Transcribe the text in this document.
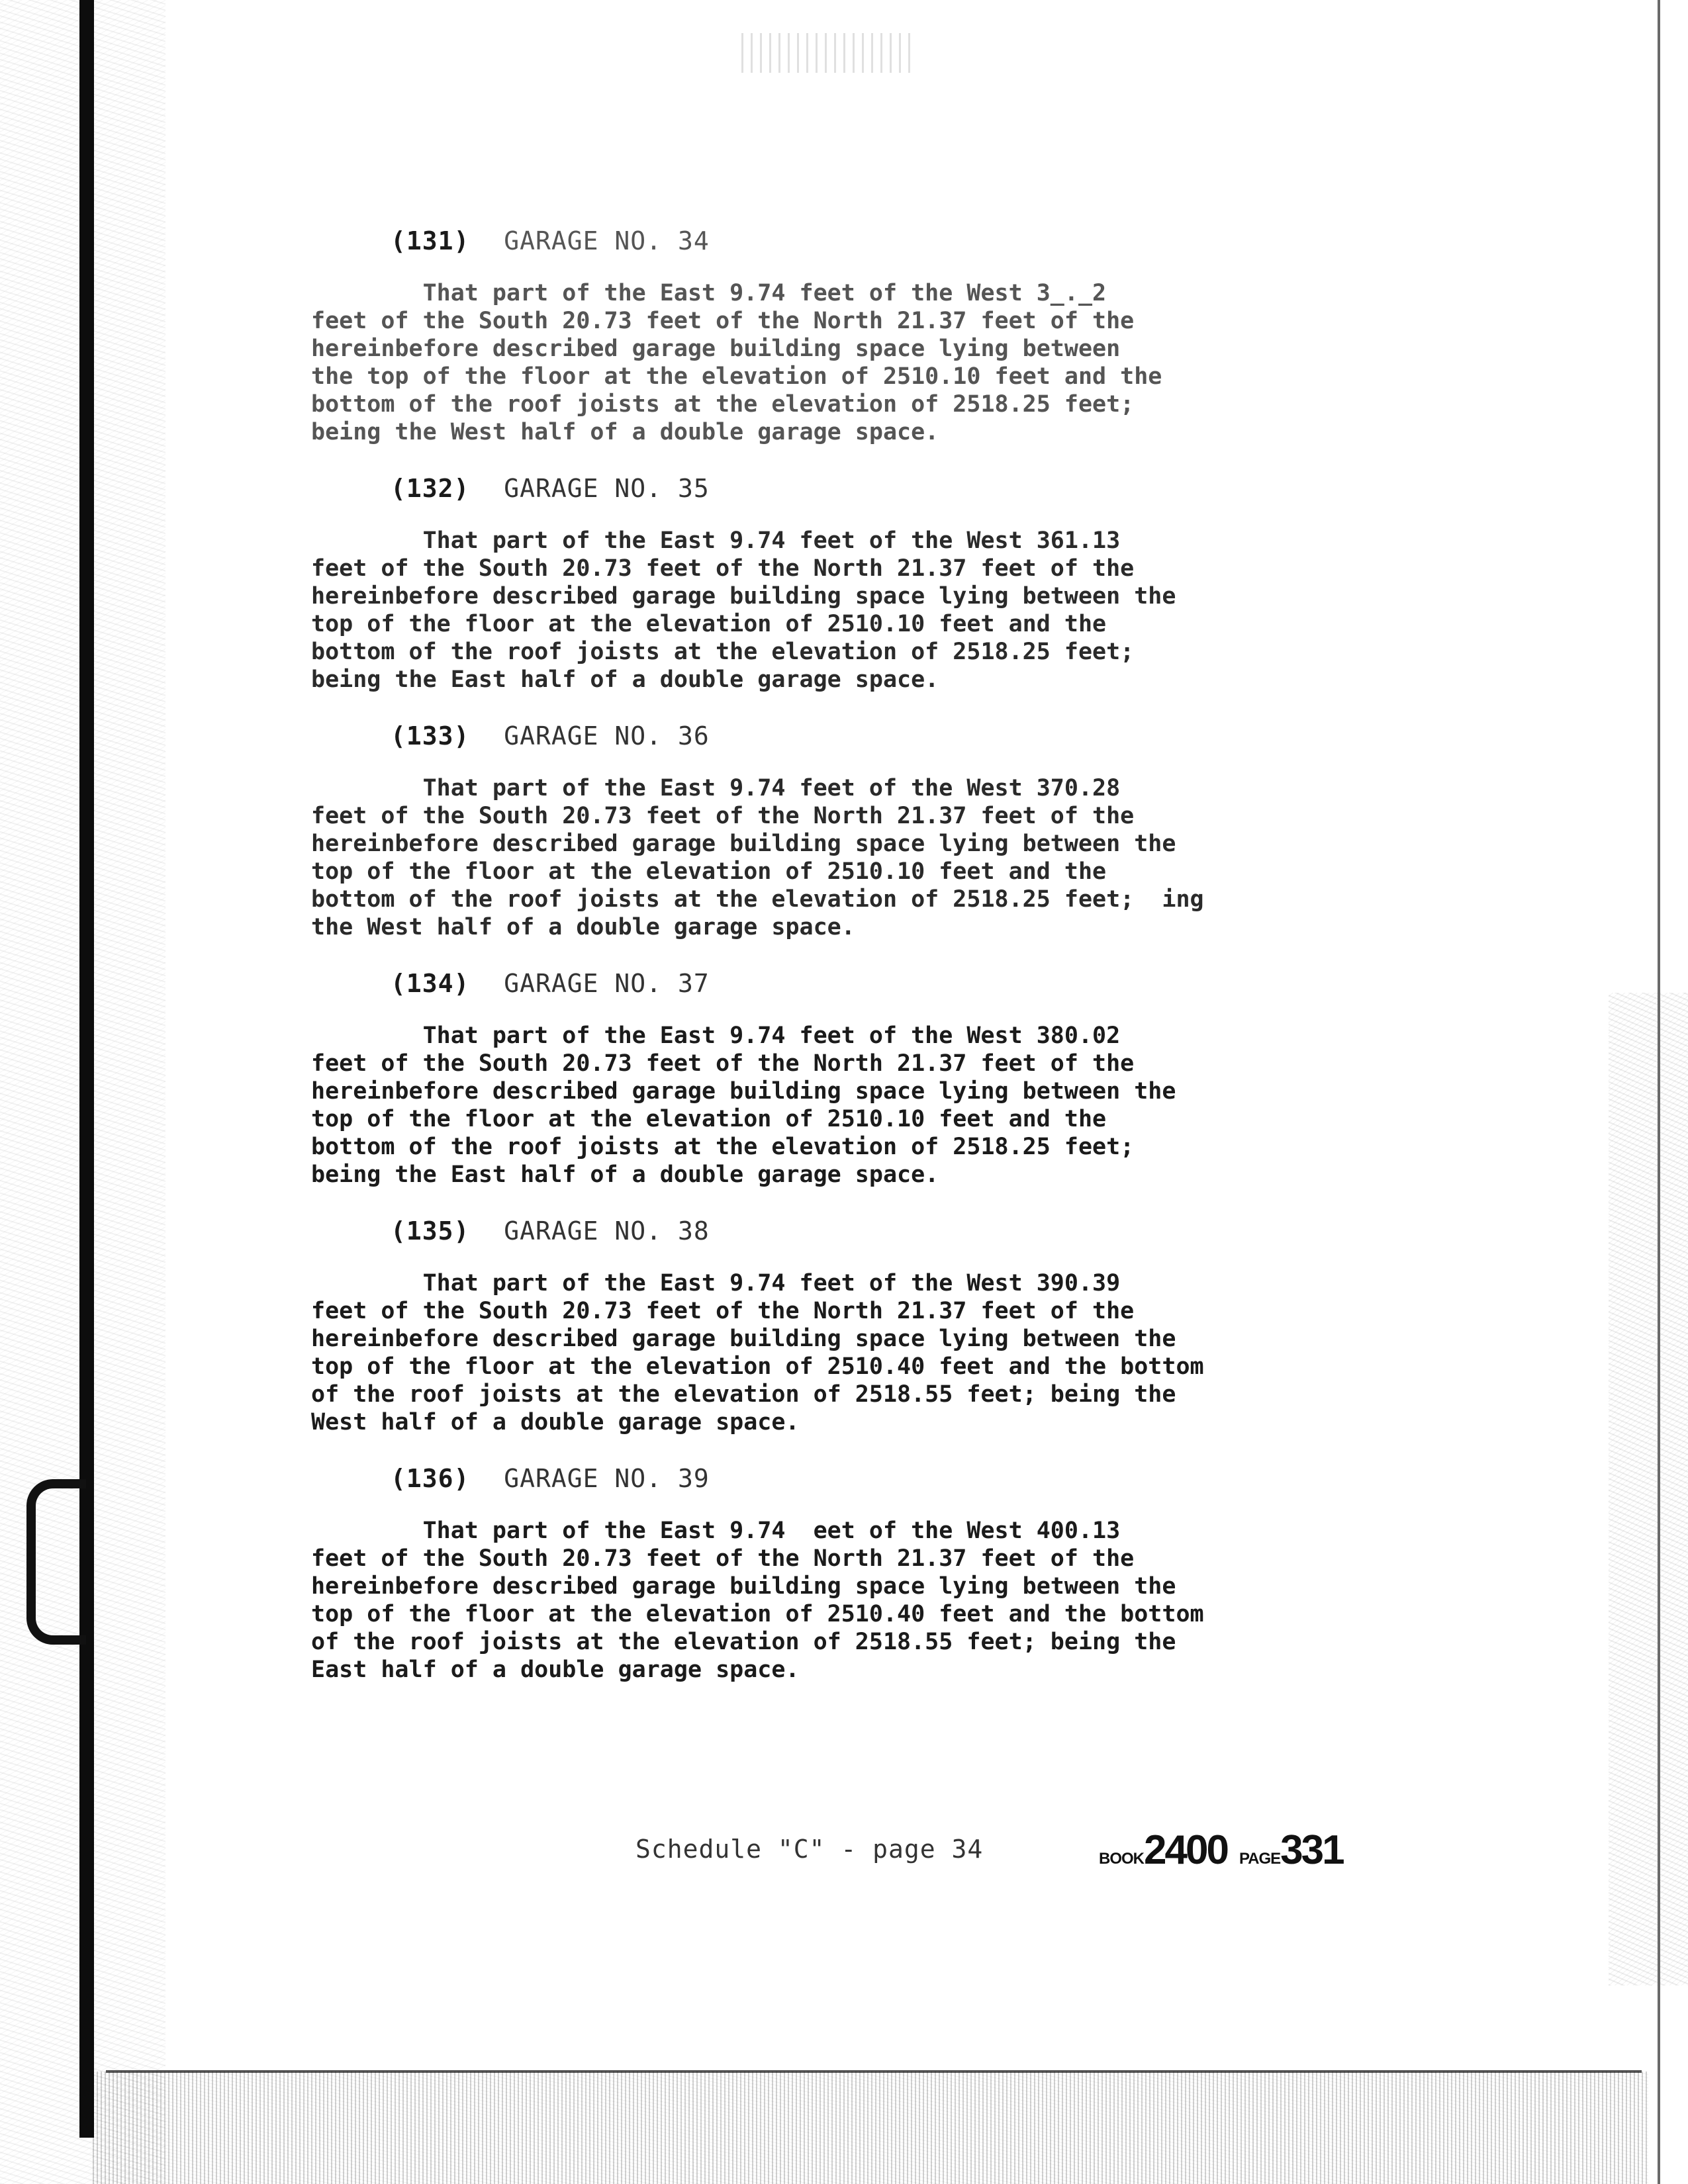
(131) GARAGE NO. 34

That part of the East 9.74 feet of the West 3_._2
feet of the South 20.73 feet of the North 21.37 feet of the
hereinbefore described garage building space lying between
the top of the floor at the elevation of 2510.10 feet and the
bottom of the roof joists at the elevation of 2518.25 feet;
being the West half of a double garage space.

(132) GARAGE NO. 35

That part of the East 9.74 feet of the West 361.13
feet of the South 20.73 feet of the North 21.37 feet of the
hereinbefore described garage building space lying between the
top of the floor at the elevation of 2510.10 feet and the
bottom of the roof joists at the elevation of 2518.25 feet;
being the East half of a double garage space.

(133) GARAGE NO. 36

That part of the East 9.74 feet of the West 370.28
feet of the South 20.73 feet of the North 21.37 feet of the
hereinbefore described garage building space lying between the
top of the floor at the elevation of 2510.10 feet and the
bottom of the roof joists at the elevation of 2518.25 feet;  ing
the West half of a double garage space.

(134) GARAGE NO. 37

That part of the East 9.74 feet of the West 380.02
feet of the South 20.73 feet of the North 21.37 feet of the
hereinbefore described garage building space lying between the
top of the floor at the elevation of 2510.10 feet and the
bottom of the roof joists at the elevation of 2518.25 feet;
being the East half of a double garage space.

(135) GARAGE NO. 38

That part of the East 9.74 feet of the West 390.39
feet of the South 20.73 feet of the North 21.37 feet of the
hereinbefore described garage building space lying between the
top of the floor at the elevation of 2510.40 feet and the bottom
of the roof joists at the elevation of 2518.55 feet; being the
West half of a double garage space.

(136) GARAGE NO. 39

That part of the East 9.74  eet of the West 400.13
feet of the South 20.73 feet of the North 21.37 feet of the
hereinbefore described garage building space lying between the
top of the floor at the elevation of 2510.40 feet and the bottom
of the roof joists at the elevation of 2518.55 feet; being the
East half of a double garage space.

Schedule "C" - page 34	BOOK2400 PAGE331
